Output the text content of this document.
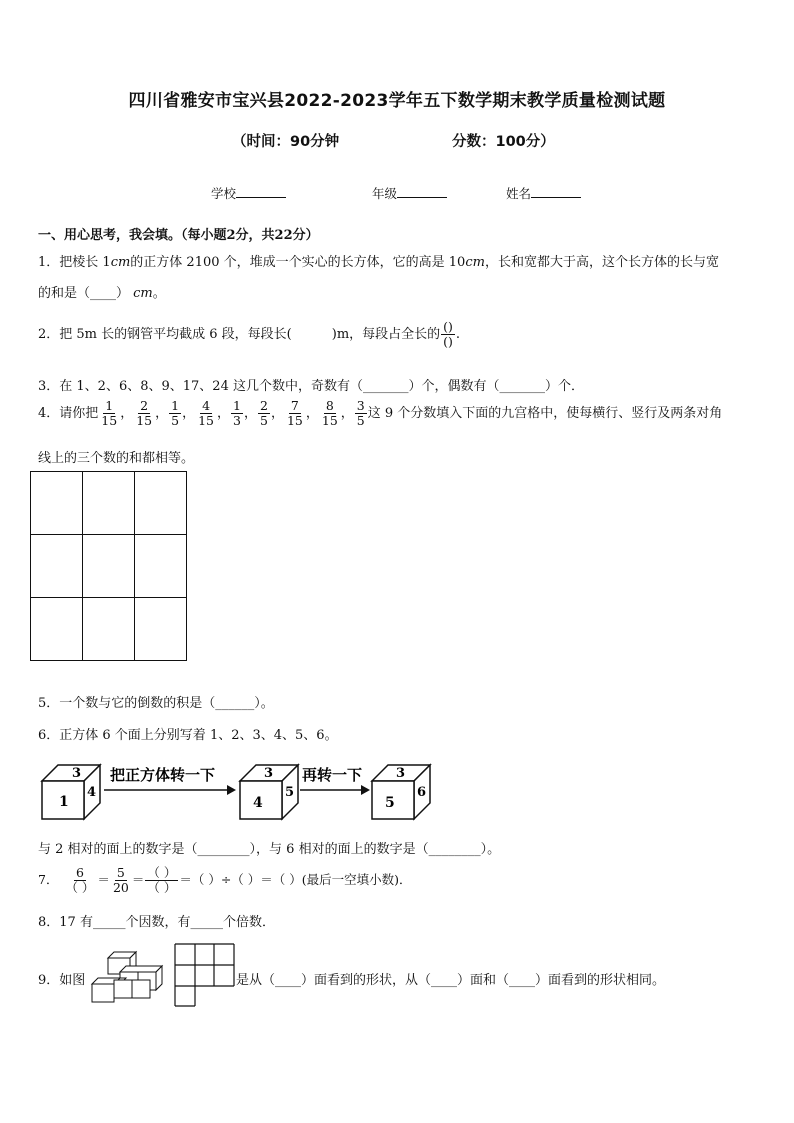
四川省雅安市宝兴县2022-2023学年五下数学期末教学质量检测试题
（时间：90分钟	分数：100分）
学校	年级	姓名
一、用心思考，我会填。（每小题2分，共22分）
1．把棱长 1cm的正方体 2100 个，堆成一个实心的长方体，它的高是 10cm，长和宽都大于高，这个长方体的长与宽
的和是（____） cm。
2．把 5m 长的钢管平均截成 6 段，每段长(	)m，每段占全长的 $\frac{()}{()}$ .
3．在 1、2、6、8、9、17、24 这几个数中，奇数有（_______）个，偶数有（_______）个．
4．请你把 $\frac{1}{15}$ ， $\frac{2}{15}$ ， $\frac{1}{5}$ ， $\frac{4}{15}$ ， $\frac{1}{3}$ ， $\frac{2}{5}$ ， $\frac{7}{15}$ ， $\frac{8}{15}$ ， $\frac{3}{5}$ 这 9 个分数填入下面的九宫格中，使每横行、竖行及两条对角
线上的三个数的和都相等。

5．一个数与它的倒数的积是（______）。
6．正方体 6 个面上分别写着 1、2、3、4、5、6。
3
1
4
把正方体转一下	3
4
5
再转一下	3
5
6
与 2 相对的面上的数字是（________），与 6 相对的面上的数字是（________）。
7． $\frac{6}{( )} = \frac{5}{20} = \frac{( )}{( )}$ ＝（ ）÷（ ）＝（ ）(最后一空填小数)．
8．17 有_____个因数，有_____个倍数．
9．如图	是从（____）面看到的形状，从（____）面和（____）面看到的形状相同。
